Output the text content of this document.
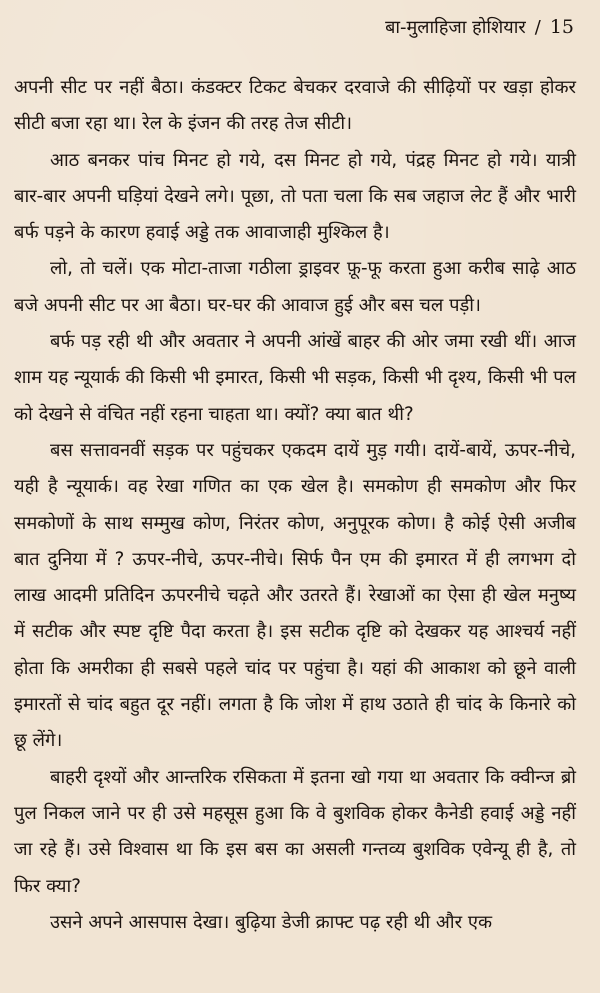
बा-मुलाहिजा होशियार / 15

अपनी सीट पर नहीं बैठा। कंडक्टर टिकट बेचकर दरवाजे की सीढ़ियों पर खड़ा होकर सीटी बजा रहा था। रेल के इंजन की तरह तेज सीटी।

आठ बनकर पांच मिनट हो गये, दस मिनट हो गये, पंद्रह मिनट हो गये। यात्री बार-बार अपनी घड़ियां देखने लगे। पूछा, तो पता चला कि सब जहाज लेट हैं और भारी बर्फ पड़ने के कारण हवाई अड्डे तक आवाजाही मुश्किल है।

लो, तो चलें। एक मोटा-ताजा गठीला ड्राइवर फ़ू-फू करता हुआ करीब साढ़े आठ बजे अपनी सीट पर आ बैठा। घर-घर की आवाज हुई और बस चल पड़ी।

बर्फ पड़ रही थी और अवतार ने अपनी आंखें बाहर की ओर जमा रखी थीं। आज शाम यह न्यूयार्क की किसी भी इमारत, किसी भी सड़क, किसी भी दृश्य, किसी भी पल को देखने से वंचित नहीं रहना चाहता था। क्यों? क्या बात थी?

बस सत्तावनवीं सड़क पर पहुंचकर एकदम दायें मुड़ गयी। दायें-बायें, ऊपर-नीचे, यही है न्यूयार्क। वह रेखा गणित का एक खेल है। समकोण ही समकोण और फिर समकोणों के साथ सम्मुख कोण, निरंतर कोण, अनुपूरक कोण। है कोई ऐसी अजीब बात दुनिया में ? ऊपर-नीचे, ऊपर-नीचे। सिर्फ पैन एम की इमारत में ही लगभग दो लाख आदमी प्रतिदिन ऊपरनीचे चढ़ते और उतरते हैं। रेखाओं का ऐसा ही खेल मनुष्य में सटीक और स्पष्ट दृष्टि पैदा करता है। इस सटीक दृष्टि को देखकर यह आश्चर्य नहीं होता कि अमरीका ही सबसे पहले चांद पर पहुंचा है। यहां की आकाश को छूने वाली इमारतों से चांद बहुत दूर नहीं। लगता है कि जोश में हाथ उठाते ही चांद के किनारे को छू लेंगे।

बाहरी दृश्यों और आन्तरिक रसिकता में इतना खो गया था अवतार कि क्वीन्ज ब्रो पुल निकल जाने पर ही उसे महसूस हुआ कि वे बुशविक होकर कैनेडी हवाई अड्डे नहीं जा रहे हैं। उसे विश्वास था कि इस बस का असली गन्तव्य बुशविक एवेन्यू ही है, तो फिर क्या?

उसने अपने आसपास देखा। बुढ़िया डेजी क्राफ्ट पढ़ रही थी और एक
